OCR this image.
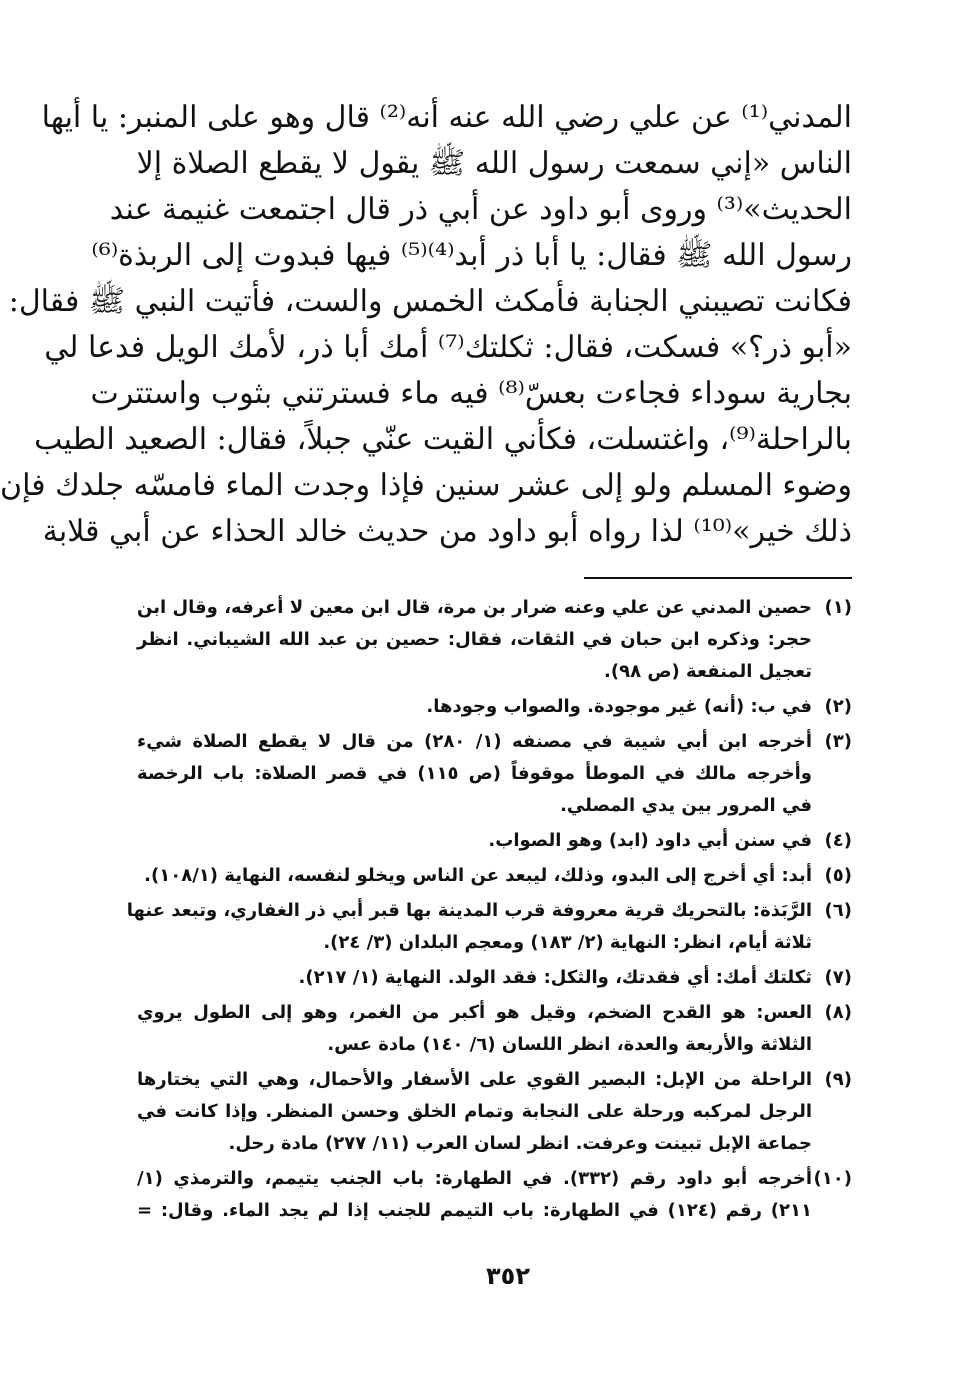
المدني⁽¹⁾ عن علي رضي الله عنه أنه⁽²⁾ قال وهو على المنبر: يا أيها
الناس «إني سمعت رسول الله ﷺ يقول لا يقطع الصلاة إلا
الحديث»⁽³⁾ وروى أبو داود عن أبي ذر قال اجتمعت غنيمة عند
رسول الله ﷺ فقال: يا أبا ذر أبد⁽⁴⁾⁽⁵⁾ فيها فبدوت إلى الربذة⁽⁶⁾
فكانت تصيبني الجنابة فأمكث الخمس والست، فأتيت النبي ﷺ فقال:
«أبو ذر؟» فسكت، فقال: ثكلتك⁽⁷⁾ أمك أبا ذر، لأمك الويل فدعا لي
بجارية سوداء فجاءت بعسّ⁽⁸⁾ فيه ماء فسترتني بثوب واستترت
بالراحلة⁽⁹⁾، واغتسلت، فكأني القيت عنّي جبلاً، فقال: الصعيد الطيب
وضوء المسلم ولو إلى عشر سنين فإذا وجدت الماء فامسّه جلدك فإن
ذلك خير»⁽¹⁰⁾ لذا رواه أبو داود من حديث خالد الحذاء عن أبي قلابة
(١)
حصين المدني عن علي وعنه ضرار بن مرة، قال ابن معين لا أعرفه، وقال ابن
حجر: وذكره ابن حبان في الثقات، فقال: حصين بن عبد الله الشيباني. انظر
تعجيل المنفعة (ص ٩٨).
(٢)
في ب: (أنه) غير موجودة. والصواب وجودها.
(٣)
أخرجه ابن أبي شيبة في مصنفه (١/ ٢٨٠) من قال لا يقطع الصلاة شيء
وأخرجه مالك في الموطأ موقوفاً (ص ١١٥) في قصر الصلاة: باب الرخصة
في المرور بين يدي المصلي.
(٤)
في سنن أبي داود (ابد) وهو الصواب.
(٥)
أبد: أي أخرج إلى البدو، وذلك، ليبعد عن الناس ويخلو لنفسه، النهاية (١٠٨/١).
(٦)
الرَّبَذة: بالتحريك قرية معروفة قرب المدينة بها قبر أبي ذر الغفاري، وتبعد عنها
ثلاثة أيام، انظر: النهاية (٢/ ١٨٣) ومعجم البلدان (٣/ ٢٤).
(٧)
ثكلتك أمك: أي فقدتك، والثكل: فقد الولد. النهاية (١/ ٢١٧).
(٨)
العس: هو القدح الضخم، وقيل هو أكبر من الغمر، وهو إلى الطول يروي
الثلاثة والأربعة والعدة، انظر اللسان (٦/ ١٤٠) مادة عس.
(٩)
الراحلة من الإبل: البصير القوي على الأسفار والأحمال، وهي التي يختارها
الرجل لمركبه ورحلة على النجابة وتمام الخلق وحسن المنظر. وإذا كانت في
جماعة الإبل تبينت وعرفت. انظر لسان العرب (١١/ ٢٧٧) مادة رحل.
(١٠)
أخرجه أبو داود رقم (٣٣٢). في الطهارة: باب الجنب يتيمم، والترمذي (١/
٢١١) رقم (١٢٤) في الطهارة: باب التيمم للجنب إذا لم يجد الماء. وقال: =
٣٥٢
